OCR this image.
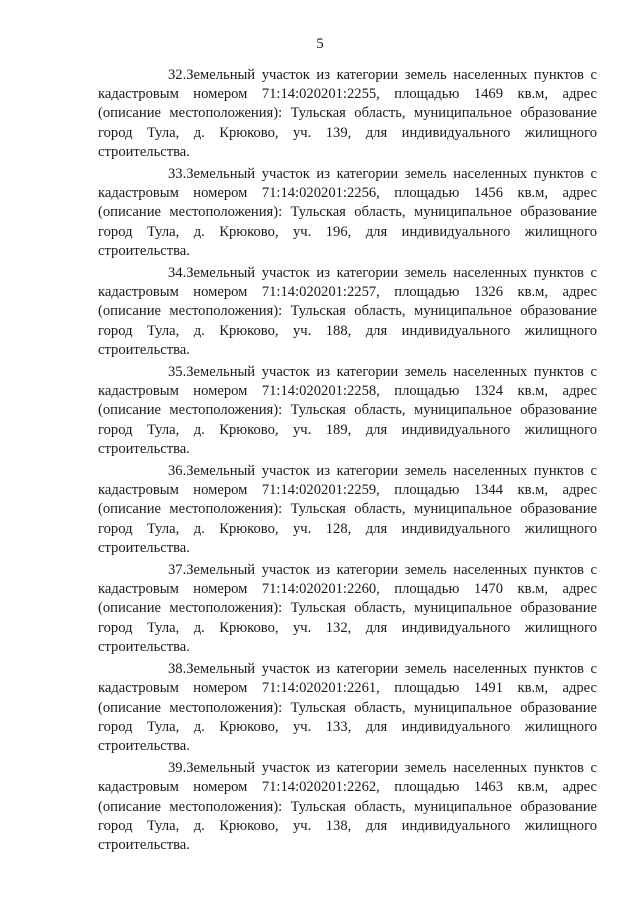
5

32.Земельный участок из категории земель населенных пунктов с кадастровым номером 71:14:020201:2255, площадью 1469 кв.м, адрес (описание местоположения): Тульская область, муниципальное образование город Тула, д. Крюково, уч. 139, для индивидуального жилищного строительства.

33.Земельный участок из категории земель населенных пунктов с кадастровым номером 71:14:020201:2256, площадью 1456 кв.м, адрес (описание местоположения): Тульская область, муниципальное образование город Тула, д. Крюково, уч. 196, для индивидуального жилищного строительства.

34.Земельный участок из категории земель населенных пунктов с кадастровым номером 71:14:020201:2257, площадью 1326 кв.м, адрес (описание местоположения): Тульская область, муниципальное образование город Тула, д. Крюково, уч. 188, для индивидуального жилищного строительства.

35.Земельный участок из категории земель населенных пунктов с кадастровым номером 71:14:020201:2258, площадью 1324 кв.м, адрес (описание местоположения): Тульская область, муниципальное образование город Тула, д. Крюково, уч. 189, для индивидуального жилищного строительства.

36.Земельный участок из категории земель населенных пунктов с кадастровым номером 71:14:020201:2259, площадью 1344 кв.м, адрес (описание местоположения): Тульская область, муниципальное образование город Тула, д. Крюково, уч. 128, для индивидуального жилищного строительства.

37.Земельный участок из категории земель населенных пунктов с кадастровым номером 71:14:020201:2260, площадью 1470 кв.м, адрес (описание местоположения): Тульская область, муниципальное образование город Тула, д. Крюково, уч. 132, для индивидуального жилищного строительства.

38.Земельный участок из категории земель населенных пунктов с кадастровым номером 71:14:020201:2261, площадью 1491 кв.м, адрес (описание местоположения): Тульская область, муниципальное образование город Тула, д. Крюково, уч. 133, для индивидуального жилищного строительства.

39.Земельный участок из категории земель населенных пунктов с кадастровым номером 71:14:020201:2262, площадью 1463 кв.м, адрес (описание местоположения): Тульская область, муниципальное образование город Тула, д. Крюково, уч. 138, для индивидуального жилищного строительства.
